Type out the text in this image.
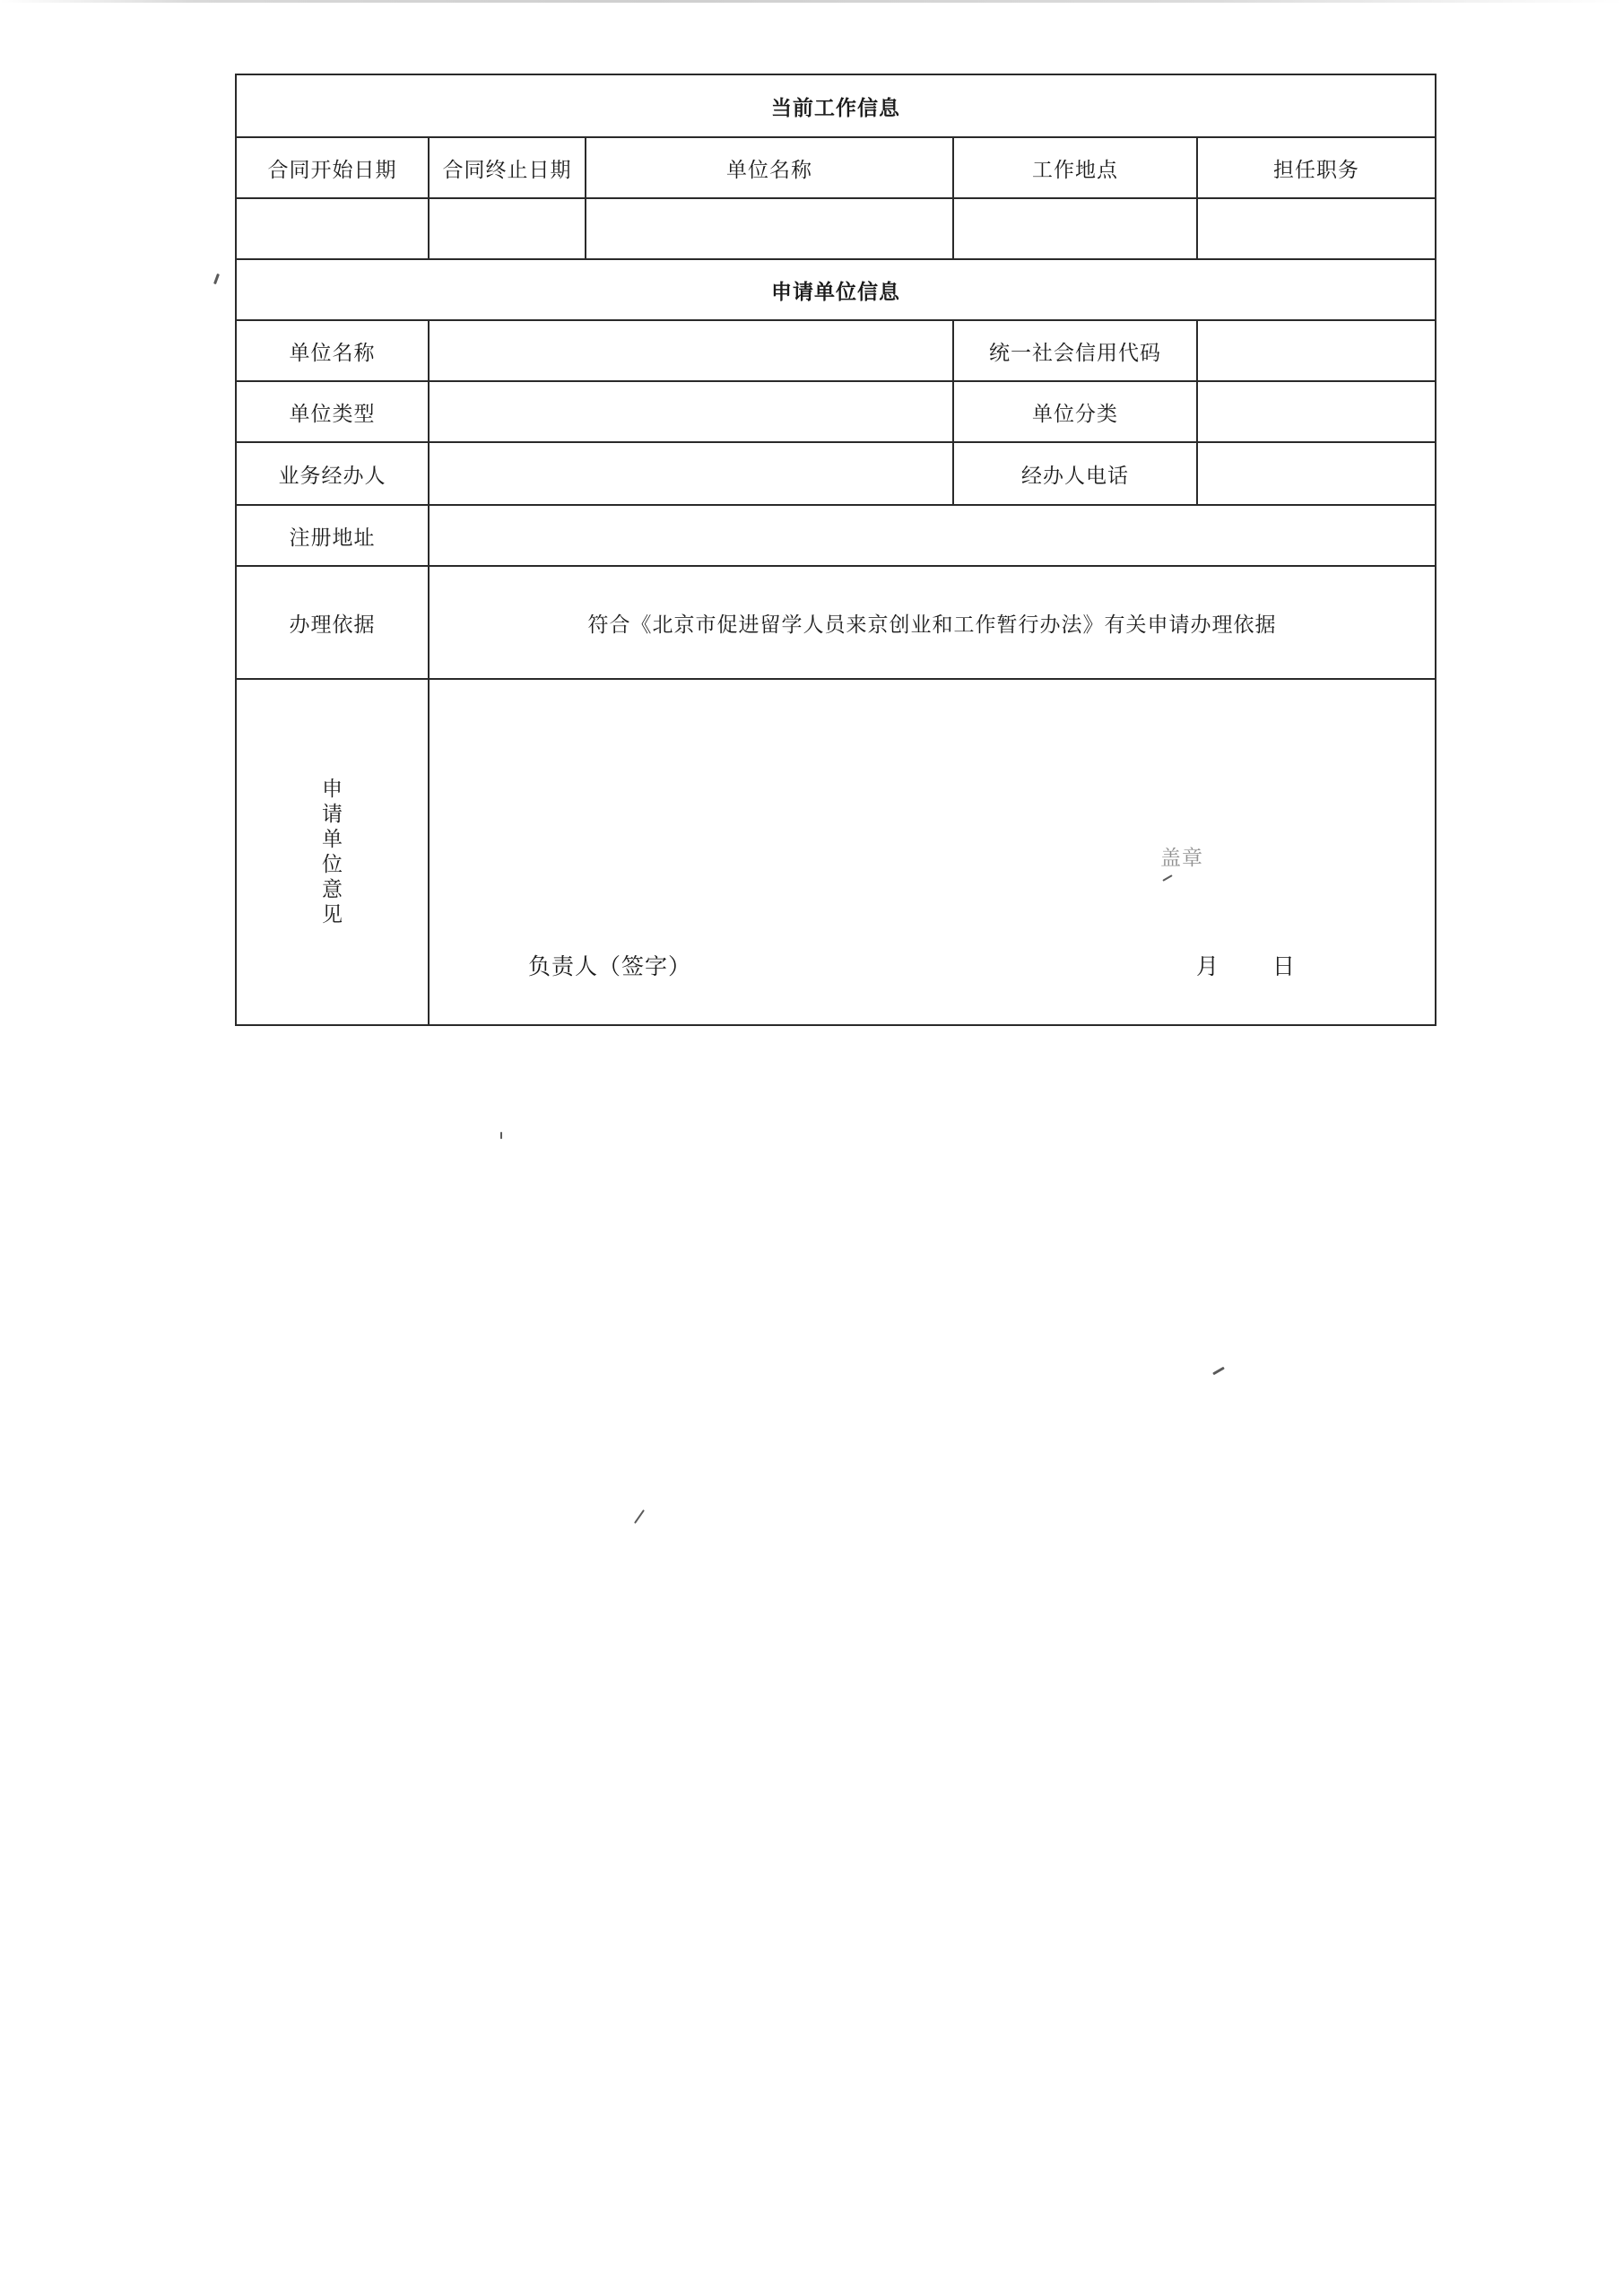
当前工作信息				
合同开始日期	合同终止日期	单位名称	工作地点	担任职务

申请单位信息				
单位名称			统一社会信用代码	
单位类型			单位分类	
业务经办人			经办人电话	
注册地址				
办理依据	符合《北京市促进留学人员来京创业和工作暂行办法》有关申请办理依据			
申请单位意见	盖章
负责人（签字） 月 日			
